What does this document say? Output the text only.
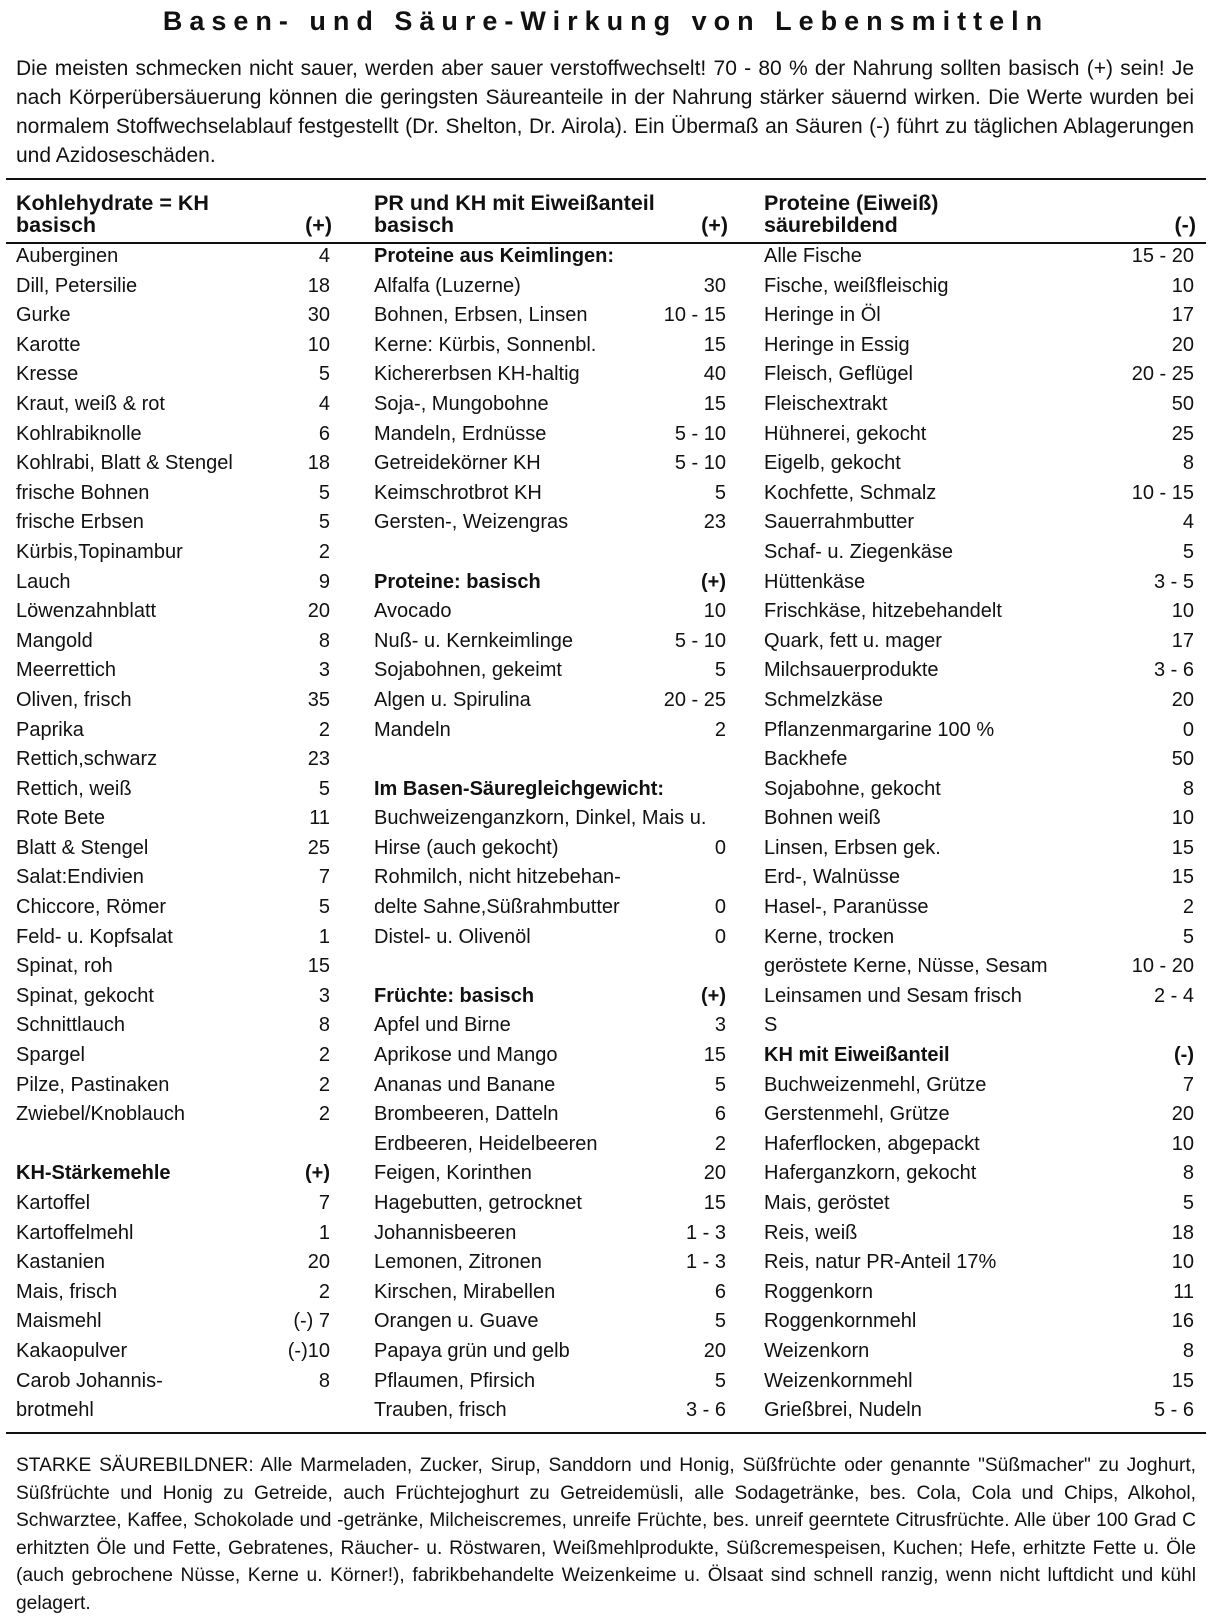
Basen- und Säure-Wirkung von Lebensmitteln

Die meisten schmecken nicht sauer, werden aber sauer verstoffwechselt! 70 - 80 % der Nahrung sollten basisch (+) sein! Je nach Körperübersäuerung können die geringsten Säureanteile in der Nahrung stärker säuernd wirken. Die Werte wurden bei normalem Stoffwechselablauf festgestellt (Dr. Shelton, Dr. Airola). Ein Übermaß an Säuren (-) führt zu täglichen Ablagerungen und Azidoseschäden.

Kohlehydrate = KH
basisch	(+)
Auberginen	4
Dill, Petersilie	18
Gurke	30
Karotte	10
Kresse	5
Kraut, weiß & rot	4
Kohlrabiknolle	6
Kohlrabi, Blatt & Stengel	18
frische Bohnen	5
frische Erbsen	5
Kürbis,Topinambur	2
Lauch	9
Löwenzahnblatt	20
Mangold	8
Meerrettich	3
Oliven, frisch	35
Paprika	2
Rettich,schwarz	23
Rettich, weiß	5
Rote Bete	11
Blatt & Stengel	25
Salat:Endivien	7
Chiccore, Römer	5
Feld- u. Kopfsalat	1
Spinat, roh	15
Spinat, gekocht	3
Schnittlauch	8
Spargel	2
Pilze, Pastinaken	2
Zwiebel/Knoblauch	2
KH-Stärkemehle	(+)
Kartoffel	7
Kartoffelmehl	1
Kastanien	20
Mais, frisch	2
Maismehl	(-) 7
Kakaopulver	(-)10
Carob Johannis-	8
brotmehl
PR und KH mit Eiweißanteil
basisch	(+)
Proteine aus Keimlingen:
Alfalfa (Luzerne)	30
Bohnen, Erbsen, Linsen	10 - 15
Kerne: Kürbis, Sonnenbl.	15
Kichererbsen KH-haltig	40
Soja-, Mungobohne	15
Mandeln, Erdnüsse	5 - 10
Getreidekörner KH	5 - 10
Keimschrotbrot KH	5
Gersten-, Weizengras	23
Proteine: basisch	(+)
Avocado	10
Nuß- u. Kernkeimlinge	5 - 10
Sojabohnen, gekeimt	5
Algen u. Spirulina	20 - 25
Mandeln	2
Im Basen-Säuregleichgewicht:
Buchweizenganzkorn, Dinkel, Mais u.
Hirse (auch gekocht)	0
Rohmilch, nicht hitzebehan-
delte Sahne,Süßrahmbutter	0
Distel- u. Olivenöl	0
Früchte: basisch	(+)
Apfel und Birne	3
Aprikose und Mango	15
Ananas und Banane	5
Brombeeren, Datteln	6
Erdbeeren, Heidelbeeren	2
Feigen, Korinthen	20
Hagebutten, getrocknet	15
Johannisbeeren	1 - 3
Lemonen, Zitronen	1 - 3
Kirschen, Mirabellen	6
Orangen u. Guave	5
Papaya grün und gelb	20
Pflaumen, Pfirsich	5
Trauben, frisch	3 - 6
Proteine (Eiweiß)
säurebildend	(-)
Alle Fische	15 - 20
Fische, weißfleischig	10
Heringe in Öl	17
Heringe in Essig	20
Fleisch, Geflügel	20 - 25
Fleischextrakt	50
Hühnerei, gekocht	25
Eigelb, gekocht	8
Kochfette, Schmalz	10 - 15
Sauerrahmbutter	4
Schaf- u. Ziegenkäse	5
Hüttenkäse	3 - 5
Frischkäse, hitzebehandelt	10
Quark, fett u. mager	17
Milchsauerprodukte	3 - 6
Schmelzkäse	20
Pflanzenmargarine 100 %	0
Backhefe	50
Sojabohne, gekocht	8
Bohnen weiß	10
Linsen, Erbsen gek.	15
Erd-, Walnüsse	15
Hasel-, Paranüsse	2
Kerne, trocken	5
geröstete Kerne, Nüsse, Sesam	10 - 20
Leinsamen und Sesam frisch	2 - 4
S
KH mit Eiweißanteil	(-)
Buchweizenmehl, Grütze	7
Gerstenmehl, Grütze	20
Haferflocken, abgepackt	10
Haferganzkorn, gekocht	8
Mais, geröstet	5
Reis, weiß	18
Reis, natur PR-Anteil 17%	10
Roggenkorn	11
Roggenkornmehl	16
Weizenkorn	8
Weizenkornmehl	15
Grießbrei, Nudeln	5 - 6

STARKE SÄUREBILDNER: Alle Marmeladen, Zucker, Sirup, Sanddorn und Honig, Süßfrüchte oder genannte "Süßmacher" zu Joghurt, Süßfrüchte und Honig zu Getreide, auch Früchtejoghurt zu Getreidemüsli, alle Sodagetränke, bes. Cola, Cola und Chips, Alkohol, Schwarztee, Kaffee, Schokolade und -getränke, Milcheiscremes, unreife Früchte, bes. unreif geerntete Citrusfrüchte. Alle über 100 Grad C erhitzten Öle und Fette, Gebratenes, Räucher- u. Röstwaren, Weißmehlprodukte, Süßcremespeisen, Kuchen; Hefe, erhitzte Fette u. Öle (auch gebrochene Nüsse, Kerne u. Körner!), fabrikbehandelte Weizenkeime u. Ölsaat sind schnell ranzig, wenn nicht luftdicht und kühl gelagert.
